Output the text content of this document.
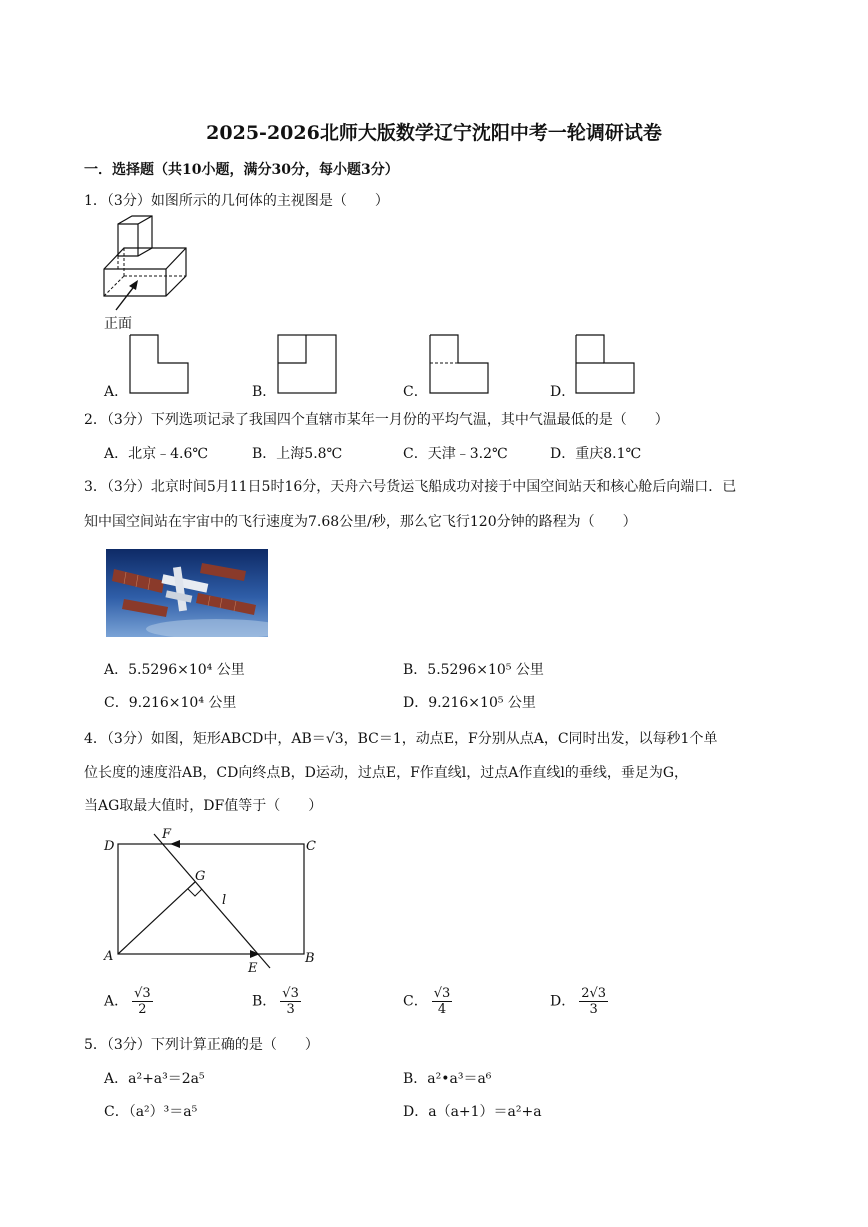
2025-2026北师大版数学辽宁沈阳中考一轮调研试卷
一．选择题（共10小题，满分30分，每小题3分）
1．（3分）如图所示的几何体的主视图是（　　）
正面
A．	B．	C．	D．
2．（3分）下列选项记录了我国四个直辖市某年一月份的平均气温，其中气温最低的是（　　）
A．北京﹣4.6℃	B．上海5.8℃	C．天津﹣3.2℃	D．重庆8.1℃
3．（3分）北京时间5月11日5时16分，天舟六号货运飞船成功对接于中国空间站天和核心舱后向端口．已
知中国空间站在宇宙中的飞行速度为7.68公里/秒，那么它飞行120分钟的路程为（　　）
A．5.5296×10⁴ 公里	B．5.5296×10⁵ 公里
C．9.216×10⁴ 公里	D．9.216×10⁵ 公里
4．（3分）如图，矩形ABCD中，AB＝√3，BC＝1，动点E，F分别从点A，C同时出发，以每秒1个单
位长度的速度沿AB，CD向终点B，D运动，过点E，F作直线l，过点A作直线l的垂线，垂足为G，
当AG取最大值时，DF值等于（　　）
D
F
C
G
l
A
E
B
A． $\frac{√3}{2}$	B． $\frac{√3}{3}$	C． $\frac{√3}{4}$	D． $\frac{2√3}{3}$
5．（3分）下列计算正确的是（　　）
A．a²+a³＝2a⁵	B．a²•a³＝a⁶
C．（a²）³＝a⁵	D．a（a+1）＝a²+a
